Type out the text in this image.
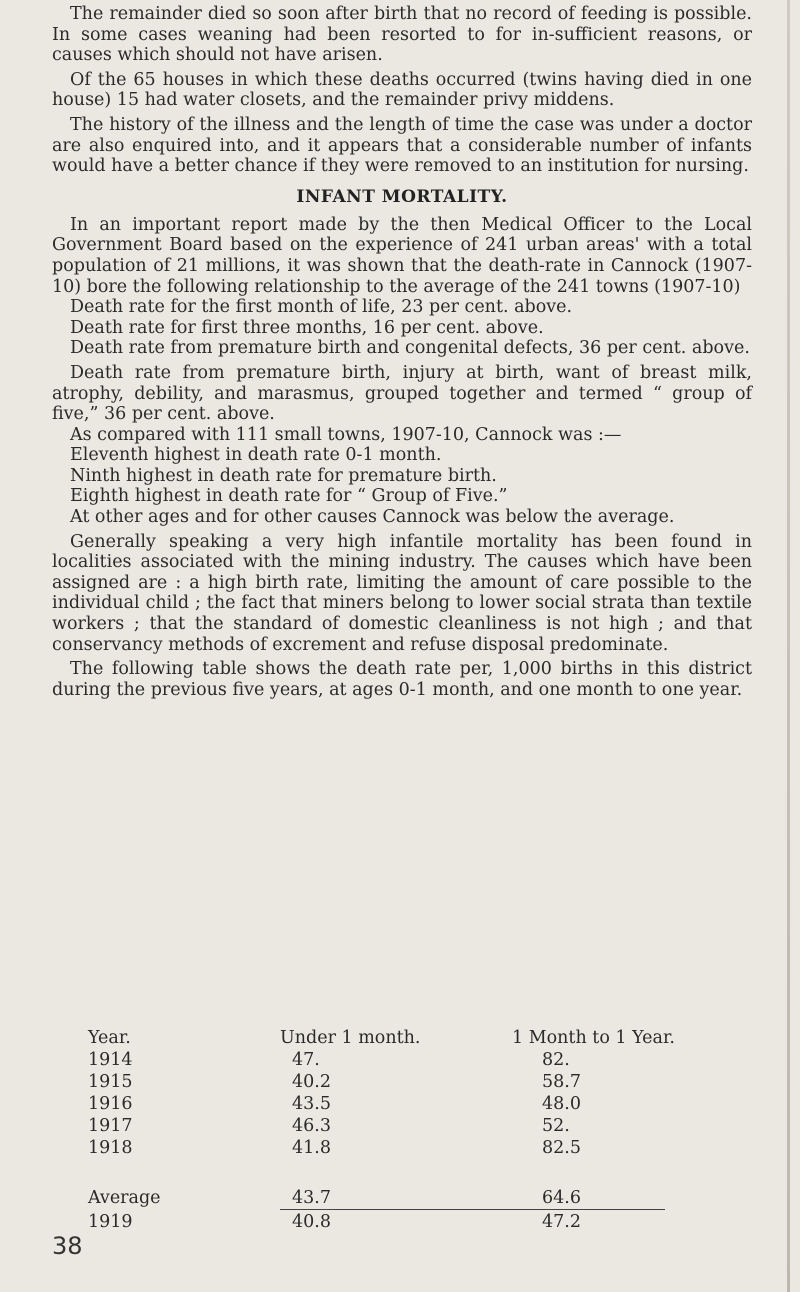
The remainder died so soon after birth that no record of feeding is possible. In some cases weaning had been resorted to for in-sufficient reasons, or causes which should not have arisen.

Of the 65 houses in which these deaths occurred (twins having died in one house) 15 had water closets, and the remainder privy middens.

The history of the illness and the length of time the case was under a doctor are also enquired into, and it appears that a considerable number of infants would have a better chance if they were removed to an institution for nursing.

INFANT MORTALITY.

In an important report made by the then Medical Officer to the Local Government Board based on the experience of 241 urban areas' with a total population of 21 millions, it was shown that the death-rate in Cannock (1907-10) bore the following relationship to the average of the 241 towns (1907-10)

Death rate for the first month of life, 23 per cent. above.

Death rate for first three months, 16 per cent. above.

Death rate from premature birth and congenital defects, 36 per cent. above.

Death rate from premature birth, injury at birth, want of breast milk, atrophy, debility, and marasmus, grouped together and termed “ group of five,” 36 per cent. above.

As compared with 111 small towns, 1907-10, Cannock was :—

Eleventh highest in death rate 0-1 month.

Ninth highest in death rate for premature birth.

Eighth highest in death rate for “ Group of Five.”

At other ages and for other causes Cannock was below the average.

Generally speaking a very high infantile mortality has been found in localities associated with the mining industry. The causes which have been assigned are : a high birth rate, limiting the amount of care possible to the individual child ; the fact that miners belong to lower social strata than textile workers ; that the standard of domestic cleanliness is not high ; and that conservancy methods of excrement and refuse disposal predominate.

The following table shows the death rate per, 1,000 births in this district during the previous five years, at ages 0-1 month, and one month to one year.

Year.	Under 1 month.	1 Month to 1 Year.
1914	47.	82.
1915	40.2	58.7
1916	43.5	48.0
1917	46.3	52.
1918	41.8	82.5
Average	43.7	64.6
1919	40.8	47.2
38
